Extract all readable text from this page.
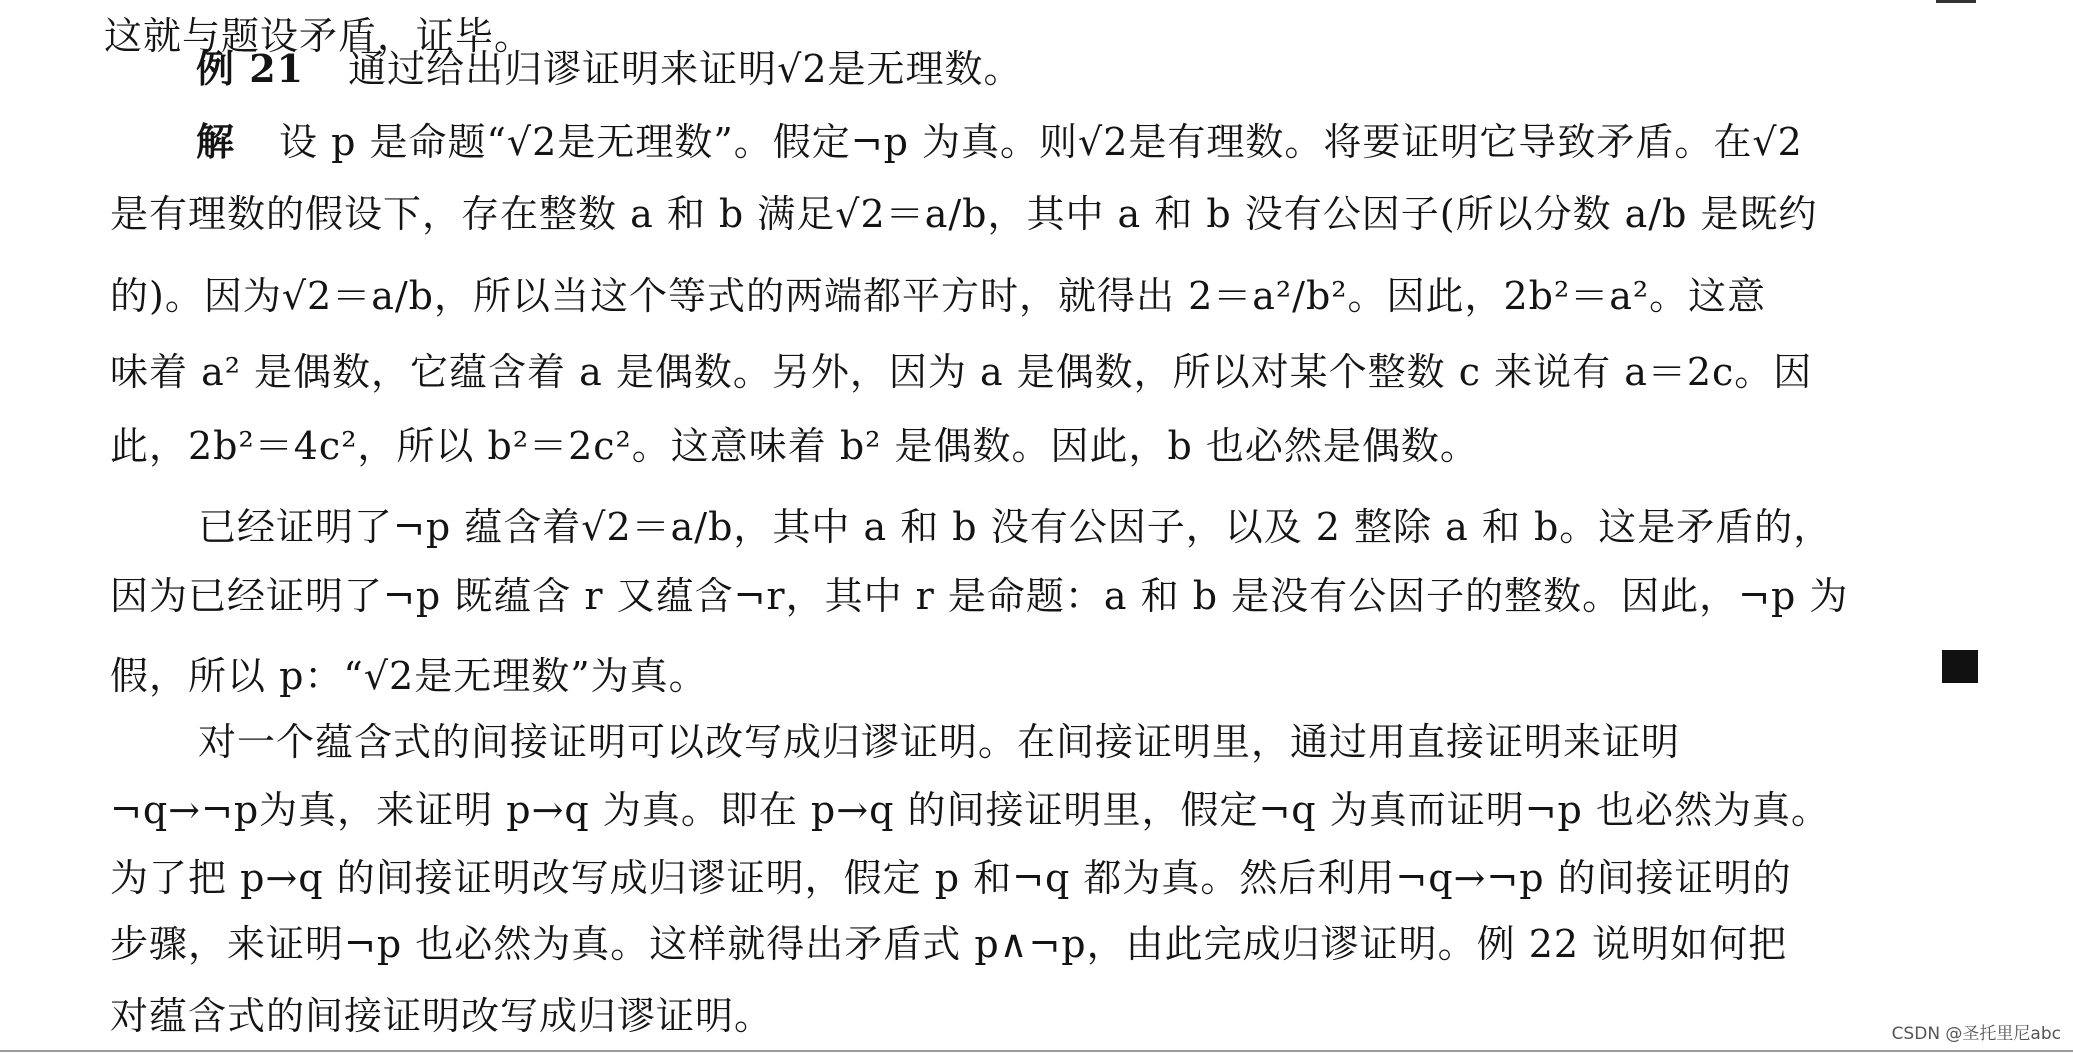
这就与题设矛盾，证毕。

例 21 通过给出归谬证明来证明√2是无理数。

解 设 p 是命题“√2是无理数”。假定¬p 为真。则√2是有理数。将要证明它导致矛盾。在√2

是有理数的假设下，存在整数 a 和 b 满足√2＝a/b，其中 a 和 b 没有公因子(所以分数 a/b 是既约

的)。因为√2＝a/b，所以当这个等式的两端都平方时，就得出 2＝a²/b²。因此，2b²＝a²。这意

味着 a² 是偶数，它蕴含着 a 是偶数。另外，因为 a 是偶数，所以对某个整数 c 来说有 a＝2c。因

此，2b²＝4c²，所以 b²＝2c²。这意味着 b² 是偶数。因此，b 也必然是偶数。

已经证明了¬p 蕴含着√2＝a/b，其中 a 和 b 没有公因子，以及 2 整除 a 和 b。这是矛盾的，

因为已经证明了¬p 既蕴含 r 又蕴含¬r，其中 r 是命题：a 和 b 是没有公因子的整数。因此，¬p 为

假，所以 p：“√2是无理数”为真。

对一个蕴含式的间接证明可以改写成归谬证明。在间接证明里，通过用直接证明来证明

¬q→¬p为真，来证明 p→q 为真。即在 p→q 的间接证明里，假定¬q 为真而证明¬p 也必然为真。

为了把 p→q 的间接证明改写成归谬证明，假定 p 和¬q 都为真。然后利用¬q→¬p 的间接证明的

步骤，来证明¬p 也必然为真。这样就得出矛盾式 p∧¬p，由此完成归谬证明。例 22 说明如何把

对蕴含式的间接证明改写成归谬证明。	CSDN @圣托里尼abc
